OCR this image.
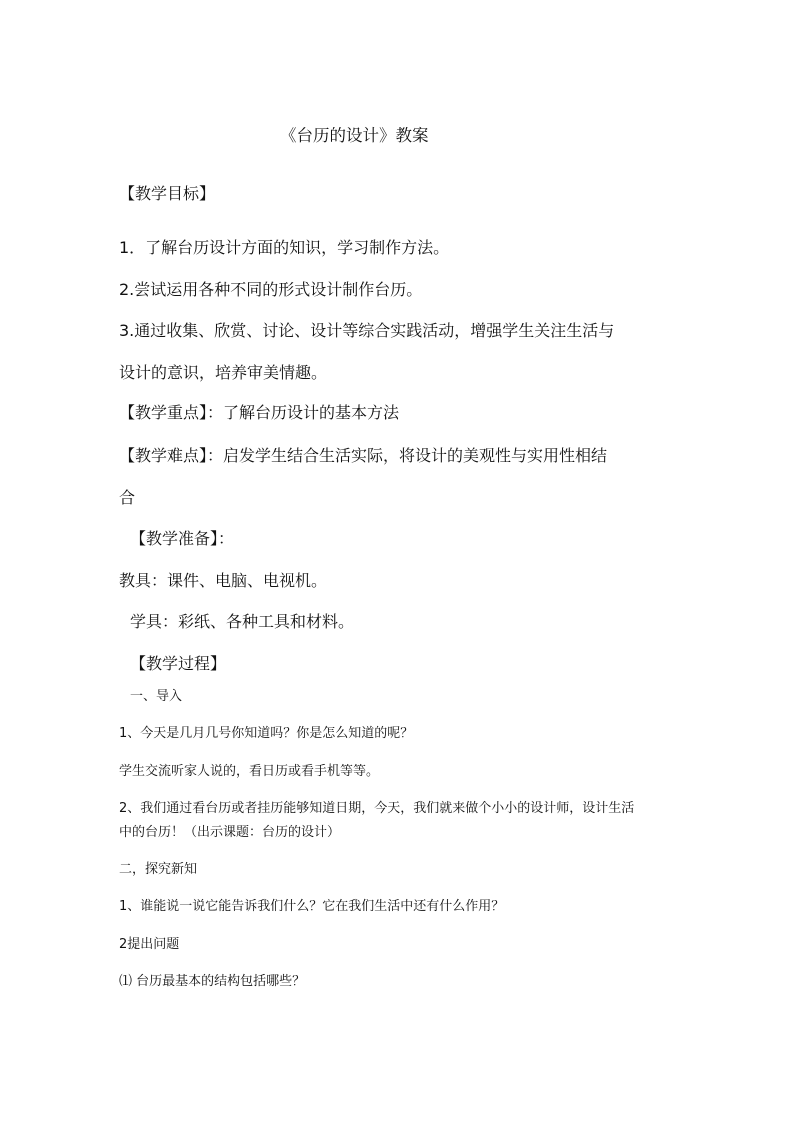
《台历的设计》教案
【教学目标】
1．了解台历设计方面的知识，学习制作方法。
2.尝试运用各种不同的形式设计制作台历。
3.通过收集、欣赏、讨论、设计等综合实践活动，增强学生关注生活与
设计的意识，培养审美情趣。
【教学重点】：了解台历设计的基本方法
【教学难点】：启发学生结合生活实际，将设计的美观性与实用性相结
合
【教学准备】：
教具：课件、电脑、电视机。
学具：彩纸、各种工具和材料。
【教学过程】
一、导入
1、今天是几月几号你知道吗？你是怎么知道的呢？
学生交流听家人说的，看日历或看手机等等。
2、我们通过看台历或者挂历能够知道日期，今天，我们就来做个小小的设计师，设计生活
中的台历！（出示课题：台历的设计）
二，探究新知
1、谁能说一说它能告诉我们什么？它在我们生活中还有什么作用？
2提出问题
⑴ 台历最基本的结构包括哪些？
